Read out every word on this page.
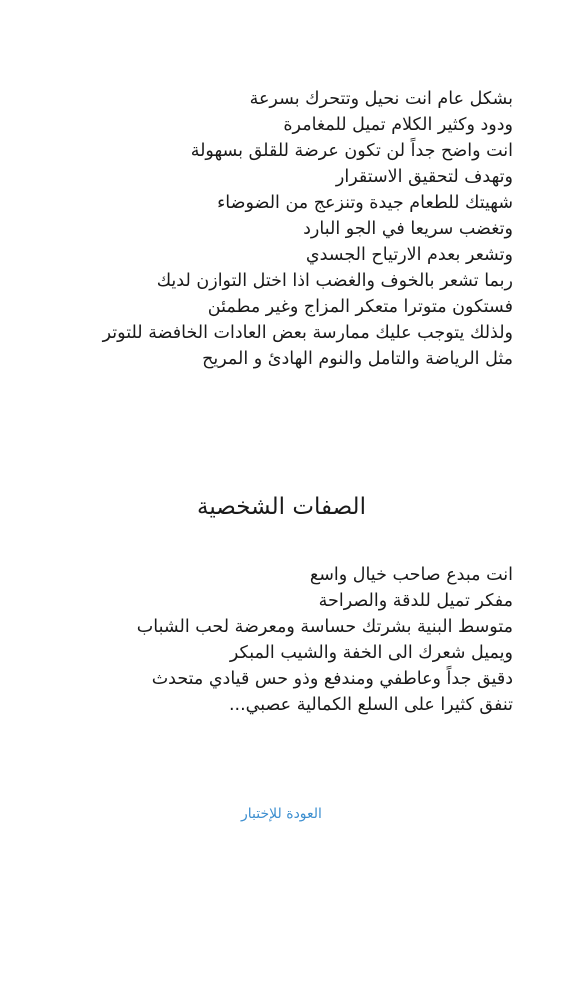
بشكل عام انت نحيل وتتحرك بسرعة
ودود وكثير الكلام تميل للمغامرة
انت واضح جداً لن تكون عرضة للقلق بسهولة
وتهدف لتحقيق الاستقرار
شهيتك للطعام جيدة وتنزعج من الضوضاء
وتغضب سريعا في الجو البارد
وتشعر بعدم الارتياح الجسدي
ربما تشعر بالخوف والغضب اذا اختل التوازن لديك
فستكون متوترا متعكر المزاج وغير مطمئن
ولذلك يتوجب عليك ممارسة بعض العادات الخافضة للتوتر
مثل الرياضة والتامل والنوم الهادئ و المريح
الصفات الشخصية
انت مبدع صاحب خيال واسع
مفكر تميل للدقة والصراحة
متوسط البنية بشرتك حساسة ومعرضة لحب الشباب
ويميل شعرك الى الخفة والشيب المبكر
دقيق جداً وعاطفي ومندفع وذو حس قيادي متحدث
تنفق كثيرا على السلع الكمالية عصبي...
العودة للإختبار
